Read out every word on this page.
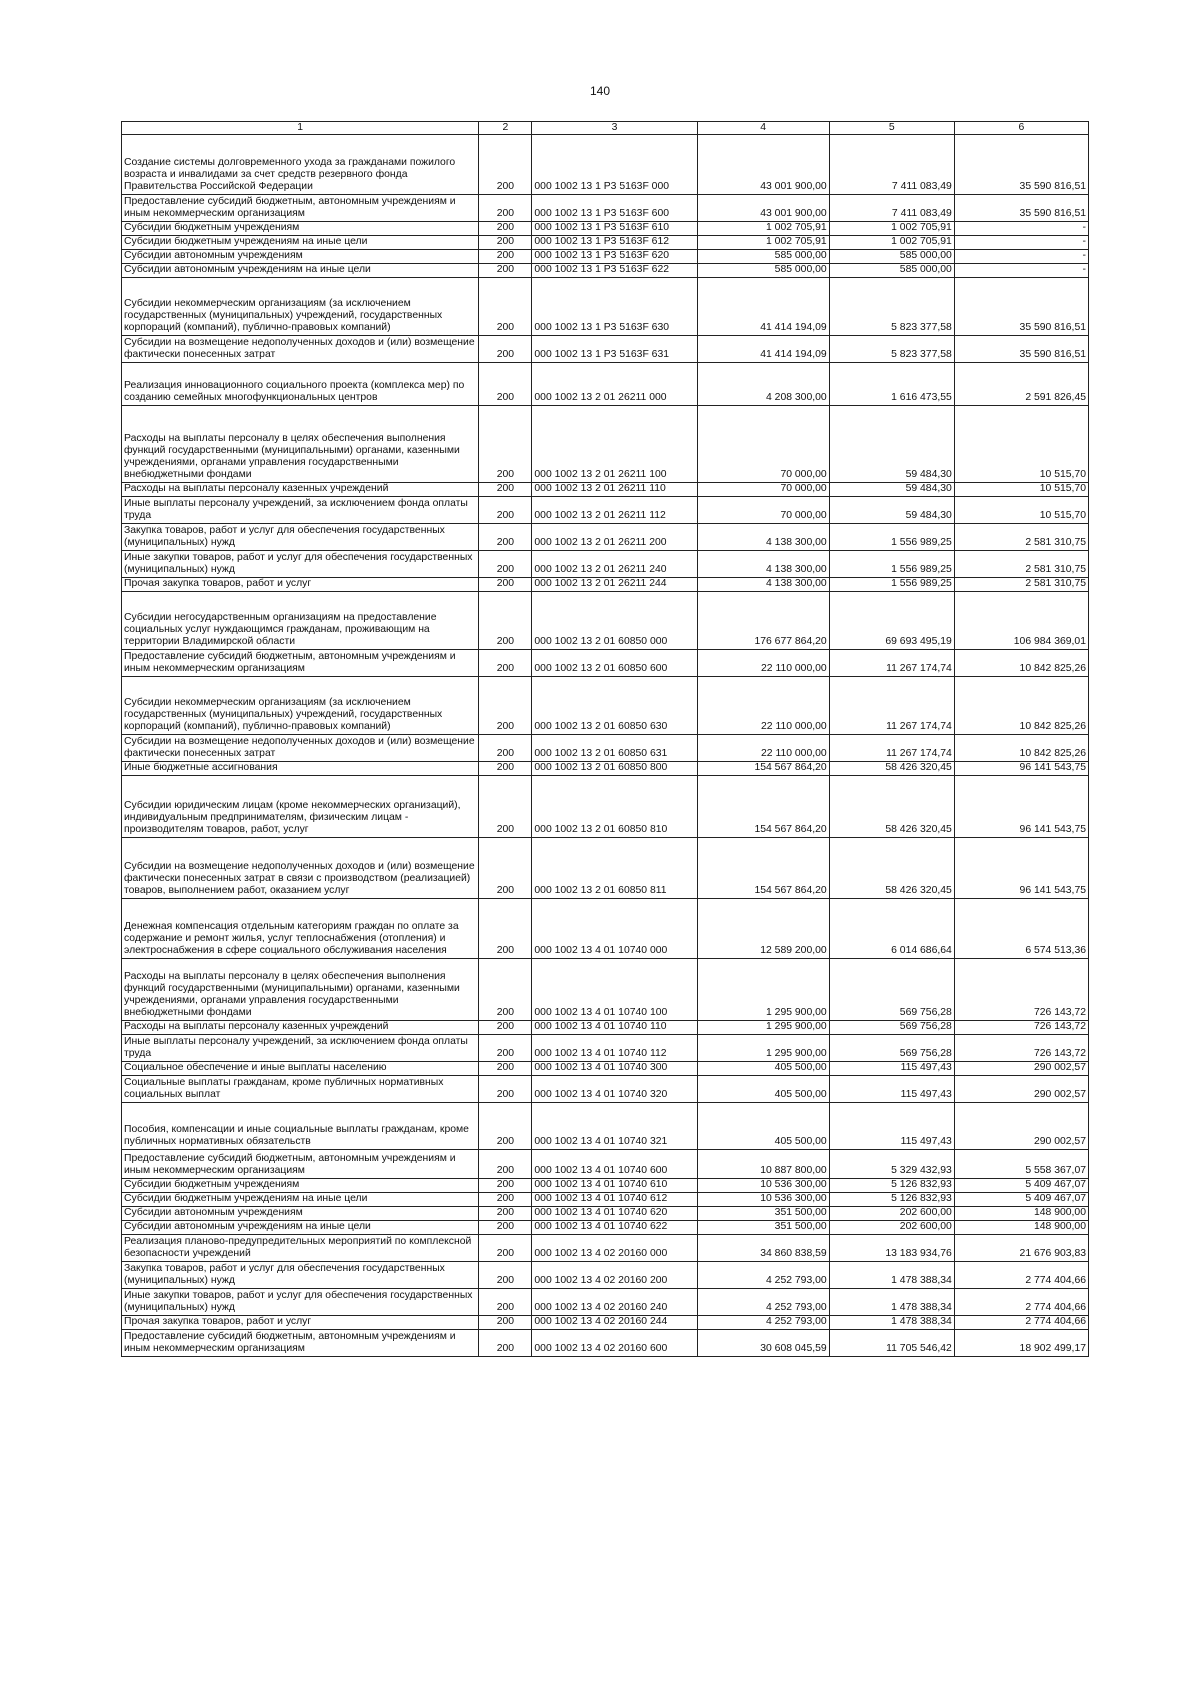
140
1	2	3	4	5	6
Создание системы долговременного ухода за гражданами пожилого возраста и инвалидами за счет средств резервного фонда Правительства Российской Федерации	200	000 1002 13 1 P3 5163F 000	43 001 900,00	7 411 083,49	35 590 816,51
Предоставление субсидий бюджетным, автономным учреждениям и иным некоммерческим организациям	200	000 1002 13 1 P3 5163F 600	43 001 900,00	7 411 083,49	35 590 816,51
Субсидии бюджетным учреждениям	200	000 1002 13 1 P3 5163F 610	1 002 705,91	1 002 705,91	-
Субсидии бюджетным учреждениям на иные цели	200	000 1002 13 1 P3 5163F 612	1 002 705,91	1 002 705,91	-
Субсидии автономным учреждениям	200	000 1002 13 1 P3 5163F 620	585 000,00	585 000,00	-
Субсидии автономным учреждениям на иные цели	200	000 1002 13 1 P3 5163F 622	585 000,00	585 000,00	-
Субсидии некоммерческим организациям (за исключением государственных (муниципальных) учреждений, государственных корпораций (компаний), публично-правовых компаний)	200	000 1002 13 1 P3 5163F 630	41 414 194,09	5 823 377,58	35 590 816,51
Субсидии на возмещение недополученных доходов и (или) возмещение фактически понесенных затрат	200	000 1002 13 1 P3 5163F 631	41 414 194,09	5 823 377,58	35 590 816,51
Реализация инновационного социального проекта (комплекса мер) по созданию семейных многофункциональных центров	200	000 1002 13 2 01 26211 000	4 208 300,00	1 616 473,55	2 591 826,45
Расходы на выплаты персоналу в целях обеспечения выполнения функций государственными (муниципальными) органами, казенными учреждениями, органами управления государственными внебюджетными фондами	200	000 1002 13 2 01 26211 100	70 000,00	59 484,30	10 515,70
Расходы на выплаты персоналу казенных учреждений	200	000 1002 13 2 01 26211 110	70 000,00	59 484,30	10 515,70
Иные выплаты персоналу учреждений, за исключением фонда оплаты труда	200	000 1002 13 2 01 26211 112	70 000,00	59 484,30	10 515,70
Закупка товаров, работ и услуг для обеспечения государственных (муниципальных) нужд	200	000 1002 13 2 01 26211 200	4 138 300,00	1 556 989,25	2 581 310,75
Иные закупки товаров, работ и услуг для обеспечения государственных (муниципальных) нужд	200	000 1002 13 2 01 26211 240	4 138 300,00	1 556 989,25	2 581 310,75
Прочая закупка товаров, работ и услуг	200	000 1002 13 2 01 26211 244	4 138 300,00	1 556 989,25	2 581 310,75
Субсидии негосударственным организациям на предоставление социальных услуг нуждающимся гражданам, проживающим на территории Владимирской области	200	000 1002 13 2 01 60850 000	176 677 864,20	69 693 495,19	106 984 369,01
Предоставление субсидий бюджетным, автономным учреждениям и иным некоммерческим организациям	200	000 1002 13 2 01 60850 600	22 110 000,00	11 267 174,74	10 842 825,26
Субсидии некоммерческим организациям (за исключением государственных (муниципальных) учреждений, государственных корпораций (компаний), публично-правовых компаний)	200	000 1002 13 2 01 60850 630	22 110 000,00	11 267 174,74	10 842 825,26
Субсидии на возмещение недополученных доходов и (или) возмещение фактически понесенных затрат	200	000 1002 13 2 01 60850 631	22 110 000,00	11 267 174,74	10 842 825,26
Иные бюджетные ассигнования	200	000 1002 13 2 01 60850 800	154 567 864,20	58 426 320,45	96 141 543,75
Субсидии юридическим лицам (кроме некоммерческих организаций), индивидуальным предпринимателям, физическим лицам - производителям товаров, работ, услуг	200	000 1002 13 2 01 60850 810	154 567 864,20	58 426 320,45	96 141 543,75
Субсидии на возмещение недополученных доходов и (или) возмещение фактически понесенных затрат в связи с производством (реализацией) товаров, выполнением работ, оказанием услуг	200	000 1002 13 2 01 60850 811	154 567 864,20	58 426 320,45	96 141 543,75
Денежная компенсация отдельным категориям граждан по оплате за содержание и ремонт жилья, услуг теплоснабжения (отопления) и электроснабжения в сфере социального обслуживания населения	200	000 1002 13 4 01 10740 000	12 589 200,00	6 014 686,64	6 574 513,36
Расходы на выплаты персоналу в целях обеспечения выполнения функций государственными (муниципальными) органами, казенными учреждениями, органами управления государственными внебюджетными фондами	200	000 1002 13 4 01 10740 100	1 295 900,00	569 756,28	726 143,72
Расходы на выплаты персоналу казенных учреждений	200	000 1002 13 4 01 10740 110	1 295 900,00	569 756,28	726 143,72
Иные выплаты персоналу учреждений, за исключением фонда оплаты труда	200	000 1002 13 4 01 10740 112	1 295 900,00	569 756,28	726 143,72
Социальное обеспечение и иные выплаты населению	200	000 1002 13 4 01 10740 300	405 500,00	115 497,43	290 002,57
Социальные выплаты гражданам, кроме публичных нормативных социальных выплат	200	000 1002 13 4 01 10740 320	405 500,00	115 497,43	290 002,57
Пособия, компенсации и иные социальные выплаты гражданам, кроме публичных нормативных обязательств	200	000 1002 13 4 01 10740 321	405 500,00	115 497,43	290 002,57
Предоставление субсидий бюджетным, автономным учреждениям и иным некоммерческим организациям	200	000 1002 13 4 01 10740 600	10 887 800,00	5 329 432,93	5 558 367,07
Субсидии бюджетным учреждениям	200	000 1002 13 4 01 10740 610	10 536 300,00	5 126 832,93	5 409 467,07
Субсидии бюджетным учреждениям на иные цели	200	000 1002 13 4 01 10740 612	10 536 300,00	5 126 832,93	5 409 467,07
Субсидии автономным учреждениям	200	000 1002 13 4 01 10740 620	351 500,00	202 600,00	148 900,00
Субсидии автономным учреждениям на иные цели	200	000 1002 13 4 01 10740 622	351 500,00	202 600,00	148 900,00
Реализация планово-предупредительных мероприятий по комплексной безопасности учреждений	200	000 1002 13 4 02 20160 000	34 860 838,59	13 183 934,76	21 676 903,83
Закупка товаров, работ и услуг для обеспечения государственных (муниципальных) нужд	200	000 1002 13 4 02 20160 200	4 252 793,00	1 478 388,34	2 774 404,66
Иные закупки товаров, работ и услуг для обеспечения государственных (муниципальных) нужд	200	000 1002 13 4 02 20160 240	4 252 793,00	1 478 388,34	2 774 404,66
Прочая закупка товаров, работ и услуг	200	000 1002 13 4 02 20160 244	4 252 793,00	1 478 388,34	2 774 404,66
Предоставление субсидий бюджетным, автономным учреждениям и иным некоммерческим организациям	200	000 1002 13 4 02 20160 600	30 608 045,59	11 705 546,42	18 902 499,17
